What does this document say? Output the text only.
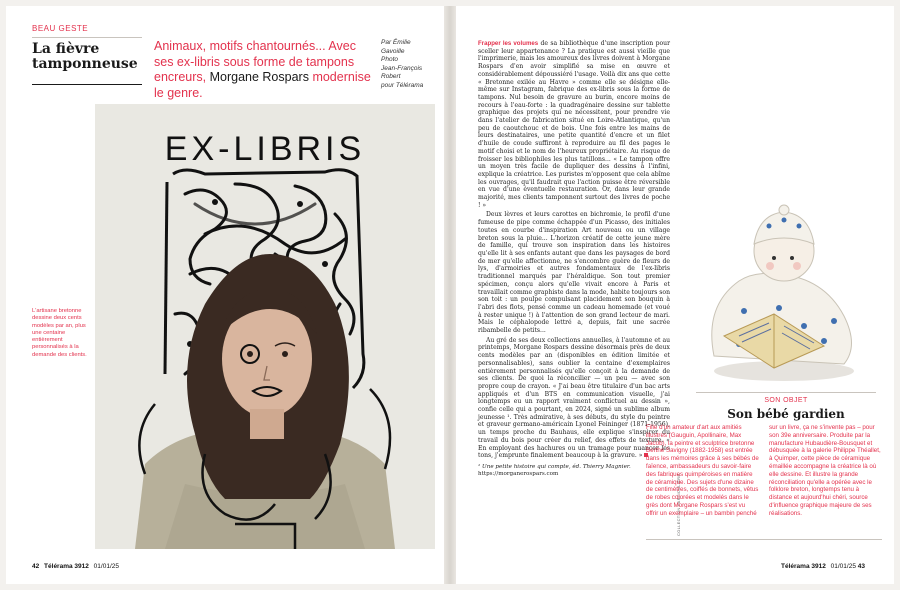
BEAU GESTE
La fièvre
tamponneuse
Animaux, motifs chantournés... Avec ses ex-libris sous forme de tampons encreurs, Morgane Rospars modernise le genre.
Par Émilie
Gavoille
Photo
Jean-François
Robert
pour Télérama
L'artisane bretonne dessine deux cents modèles par an, plus une centaine entièrement personnalisés à la demande des clients.
EX-LIBRIS
42 Télérama 3912 01/01/25

Frapper les volumes de sa bibliothèque d'une inscription pour sceller leur appartenance ? La pratique est aussi vieille que l'imprimerie, mais les amoureux des livres doivent à Morgane Rospars d'en avoir simplifié sa mise en œuvre et considérablement dépoussiéré l'usage. Voilà dix ans que cette « Bretonne exilée au Havre » comme elle se désigne elle-même sur Instagram, fabrique des ex-libris sous la forme de tampons. Nul besoin de gravure au burin, encore moins de recours à l'eau-forte : la quadragénaire dessine sur tablette graphique des projets qui ne nécessitent, pour prendre vie dans l'atelier de fabrication situé en Loire-Atlantique, qu'un peu de caoutchouc et de bois. Une fois entre les mains de leurs destinataires, une petite quantité d'encre et un filet d'huile de coude suffiront à reproduire au fil des pages le motif choisi et le nom de l'heureux propriétaire. Au risque de froisser les bibliophiles les plus tatillons... « Le tampon offre un moyen très facile de dupliquer des dessins à l'infini, explique la créatrice. Les puristes m'opposent que cela abîme les ouvrages, qu'il faudrait que l'action puisse être réversible en vue d'une éventuelle restauration. Or, dans leur grande majorité, mes clients tamponnent surtout des livres de poche ! »

Deux lèvres et leurs carottes en bichromie, le profil d'une fumeuse de pipe comme échappée d'un Picasso, des initiales toutes en courbe d'inspiration Art nouveau ou un village breton sous la pluie... L'horizon créatif de cette jeune mère de famille, qui trouve son inspiration dans les histoires qu'elle lit à ses enfants autant que dans les paysages de bord de mer qu'elle affectionne, ne s'encombre guère de fleurs de lys, d'armoiries et autres fondamentaux de l'ex-libris traditionnel marqués par l'héraldique. Son tout premier spécimen, conçu alors qu'elle vivait encore à Paris et travaillait comme graphiste dans la mode, habite toujours son son toit : un poulpe compulsant placidement son bouquin à l'abri des flots, pensé comme un cadeau homemade (et voué à rester unique !) à l'attention de son grand lecteur de mari. Mais le céphalopode lettré a, depuis, fait une sacrée ribambelle de petits...

Au gré de ses deux collections annuelles, à l'automne et au printemps, Morgane Rospars dessine désormais près de deux cents modèles par an (disponibles en édition limitée et personnalisables), sans oublier la centaine d'exemplaires entièrement personnalisés qu'elle conçoit à la demande de ses clients. De quoi la réconcilier — un peu — avec son propre coup de crayon. « J'ai beau être titulaire d'un bac arts appliqués et d'un BTS en communication visuelle, j'ai longtemps eu un rapport vraiment conflictuel au dessin », confie celle qui a pourtant, en 2024, signé un sublime album jeunesse ¹. Très admirative, à ses débuts, du style du peintre et graveur germano-américain Lyonel Feininger (1871-1956), un temps proche du Bauhaus, elle explique s'inspirer du travail du bois pour créer du relief, des effets de texture. « En employant des hachures ou un tramage pour nuancer les tons, j'emprunte finalement beaucoup à la gravure. »

¹ Une petite histoire qui compte, éd. Thierry Magnier.
https://morganerospars.com	COLLECTION PARTICULIÈRE
SON OBJET
Son bébé gardien

Fille d'un amateur d'art aux amitiés illustres (Gauguin, Apollinaire, Max Jacob), la peintre et sculptrice bretonne Berthe Savigny (1882-1958) est entrée dans les mémoires grâce à ses bébés de faïence, ambassadeurs du savoir-faire des fabriques quimpéroises en matière de céramique. Des sujets d'une dizaine de centimètres, coiffés de bonnets, vêtus de robes colorées et modelés dans le grès dont Morgane Rospars s'est vu offrir un exemplaire – un bambin penché

sur un livre, ça ne s'invente pas – pour son 39e anniversaire. Produite par la manufacture Hubaudière-Bousquet et débusquée à la galerie Philippe Théallet, à Quimper, cette pièce de céramique émaillée accompagne la créatrice là où elle dessine. Et illustre la grande réconciliation qu'elle a opérée avec le folklore breton, longtemps tenu à distance et aujourd'hui chéri, source d'influence graphique majeure de ses réalisations.

Télérama 3912 01/01/25 43
